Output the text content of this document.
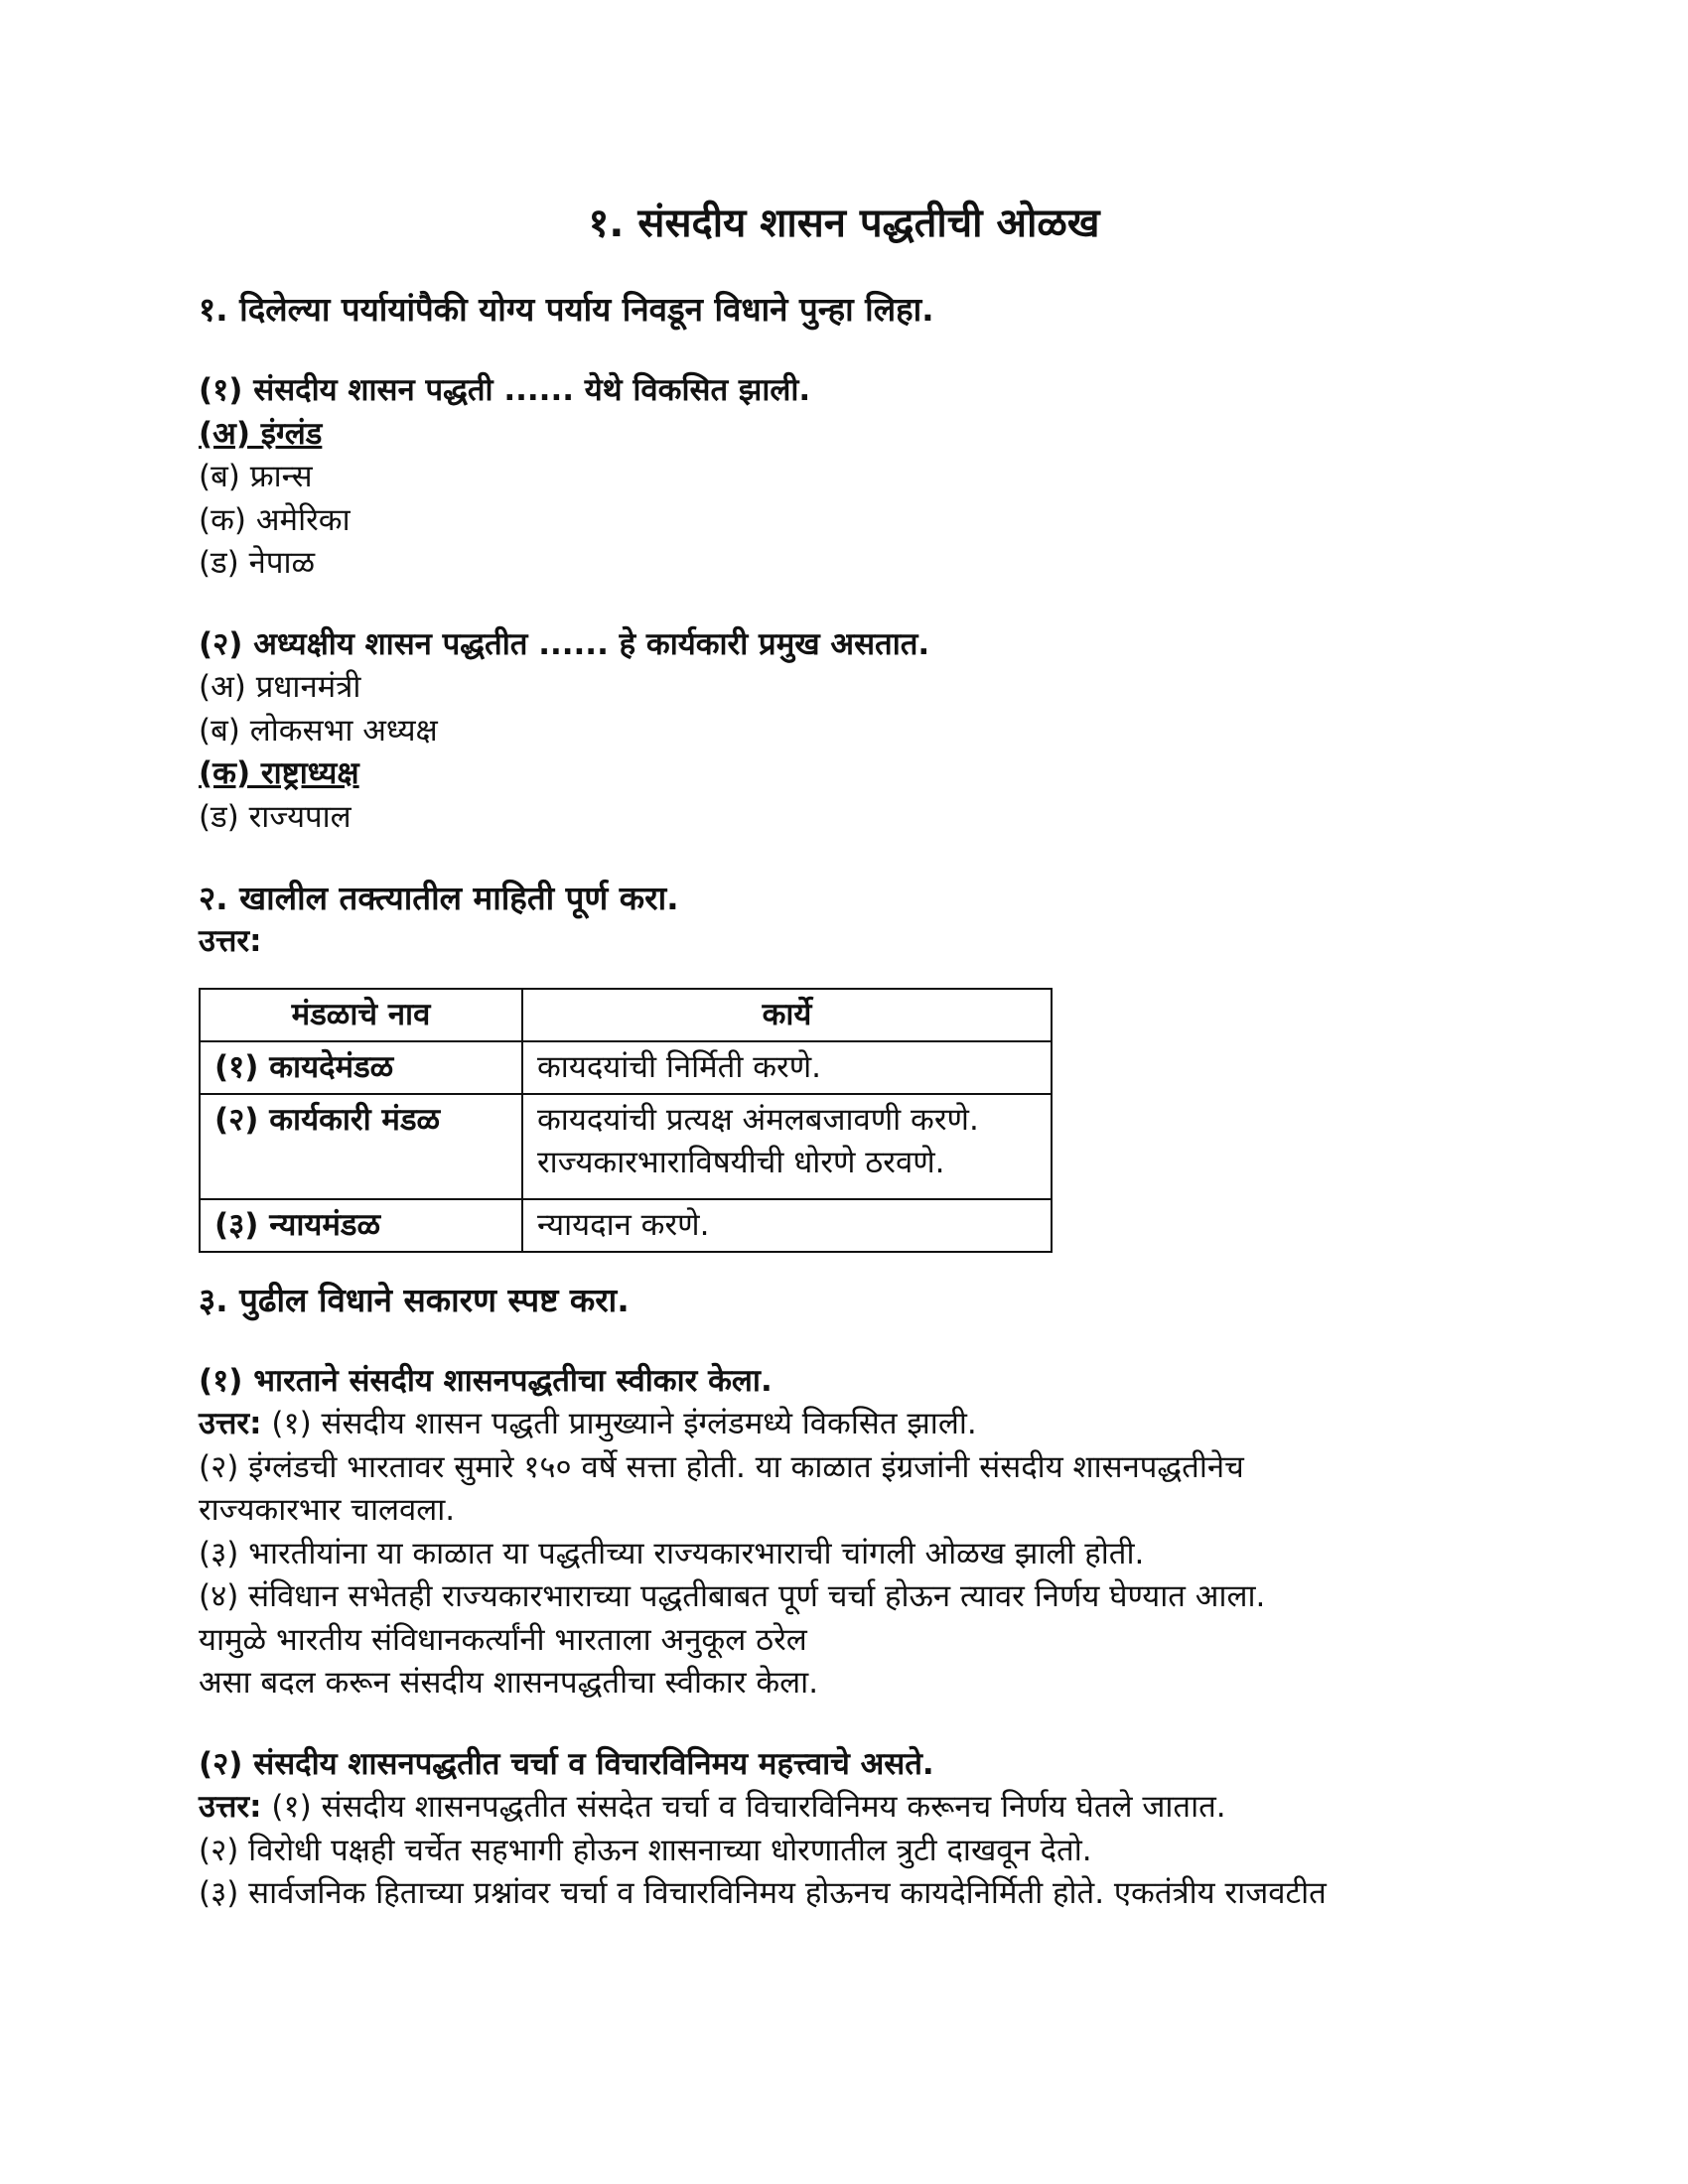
१. संसदीय शासन पद्धतीची ओळख
१. दिलेल्या पर्यायांपैकी योग्य पर्याय निवडून विधाने पुन्हा लिहा.
(१) संसदीय शासन पद्धती ...... येथे विकसित झाली.
(अ) इंग्लंड
(ब) फ्रान्स
(क) अमेरिका
(ड) नेपाळ
(२) अध्यक्षीय शासन पद्धतीत ...... हे कार्यकारी प्रमुख असतात.
(अ) प्रधानमंत्री
(ब) लोकसभा अध्यक्ष
(क) राष्ट्राध्यक्ष
(ड) राज्यपाल
२. खालील तक्त्यातील माहिती पूर्ण करा.
उत्तर:
मंडळाचे नाव	कार्ये
(१) कायदेमंडळ	कायदयांची निर्मिती करणे.

(२) कार्यकारी मंडळ	कायदयांची प्रत्यक्ष अंमलबजावणी करणे.
राज्यकारभाराविषयीची धोरणे ठरवणे.

(३) न्यायमंडळ	न्यायदान करणे.
३. पुढील विधाने सकारण स्पष्ट करा.
(१) भारताने संसदीय शासनपद्धतीचा स्वीकार केला.
उत्तर: (१) संसदीय शासन पद्धती प्रामुख्याने इंग्लंडमध्ये विकसित झाली.
(२) इंग्लंडची भारतावर सुमारे १५० वर्षे सत्ता होती. या काळात इंग्रजांनी संसदीय शासनपद्धतीनेच
राज्यकारभार चालवला.
(३) भारतीयांना या काळात या पद्धतीच्या राज्यकारभाराची चांगली ओळख झाली होती.
(४) संविधान सभेतही राज्यकारभाराच्या पद्धतीबाबत पूर्ण चर्चा होऊन त्यावर निर्णय घेण्यात आला.
यामुळे भारतीय संविधानकर्त्यांनी भारताला अनुकूल ठरेल
असा बदल करून संसदीय शासनपद्धतीचा स्वीकार केला.
(२) संसदीय शासनपद्धतीत चर्चा व विचारविनिमय महत्त्वाचे असते.
उत्तर: (१) संसदीय शासनपद्धतीत संसदेत चर्चा व विचारविनिमय करूनच निर्णय घेतले जातात.
(२) विरोधी पक्षही चर्चेत सहभागी होऊन शासनाच्या धोरणातील त्रुटी दाखवून देतो.
(३) सार्वजनिक हिताच्या प्रश्नांवर चर्चा व विचारविनिमय होऊनच कायदेनिर्मिती होते. एकतंत्रीय राजवटीत
